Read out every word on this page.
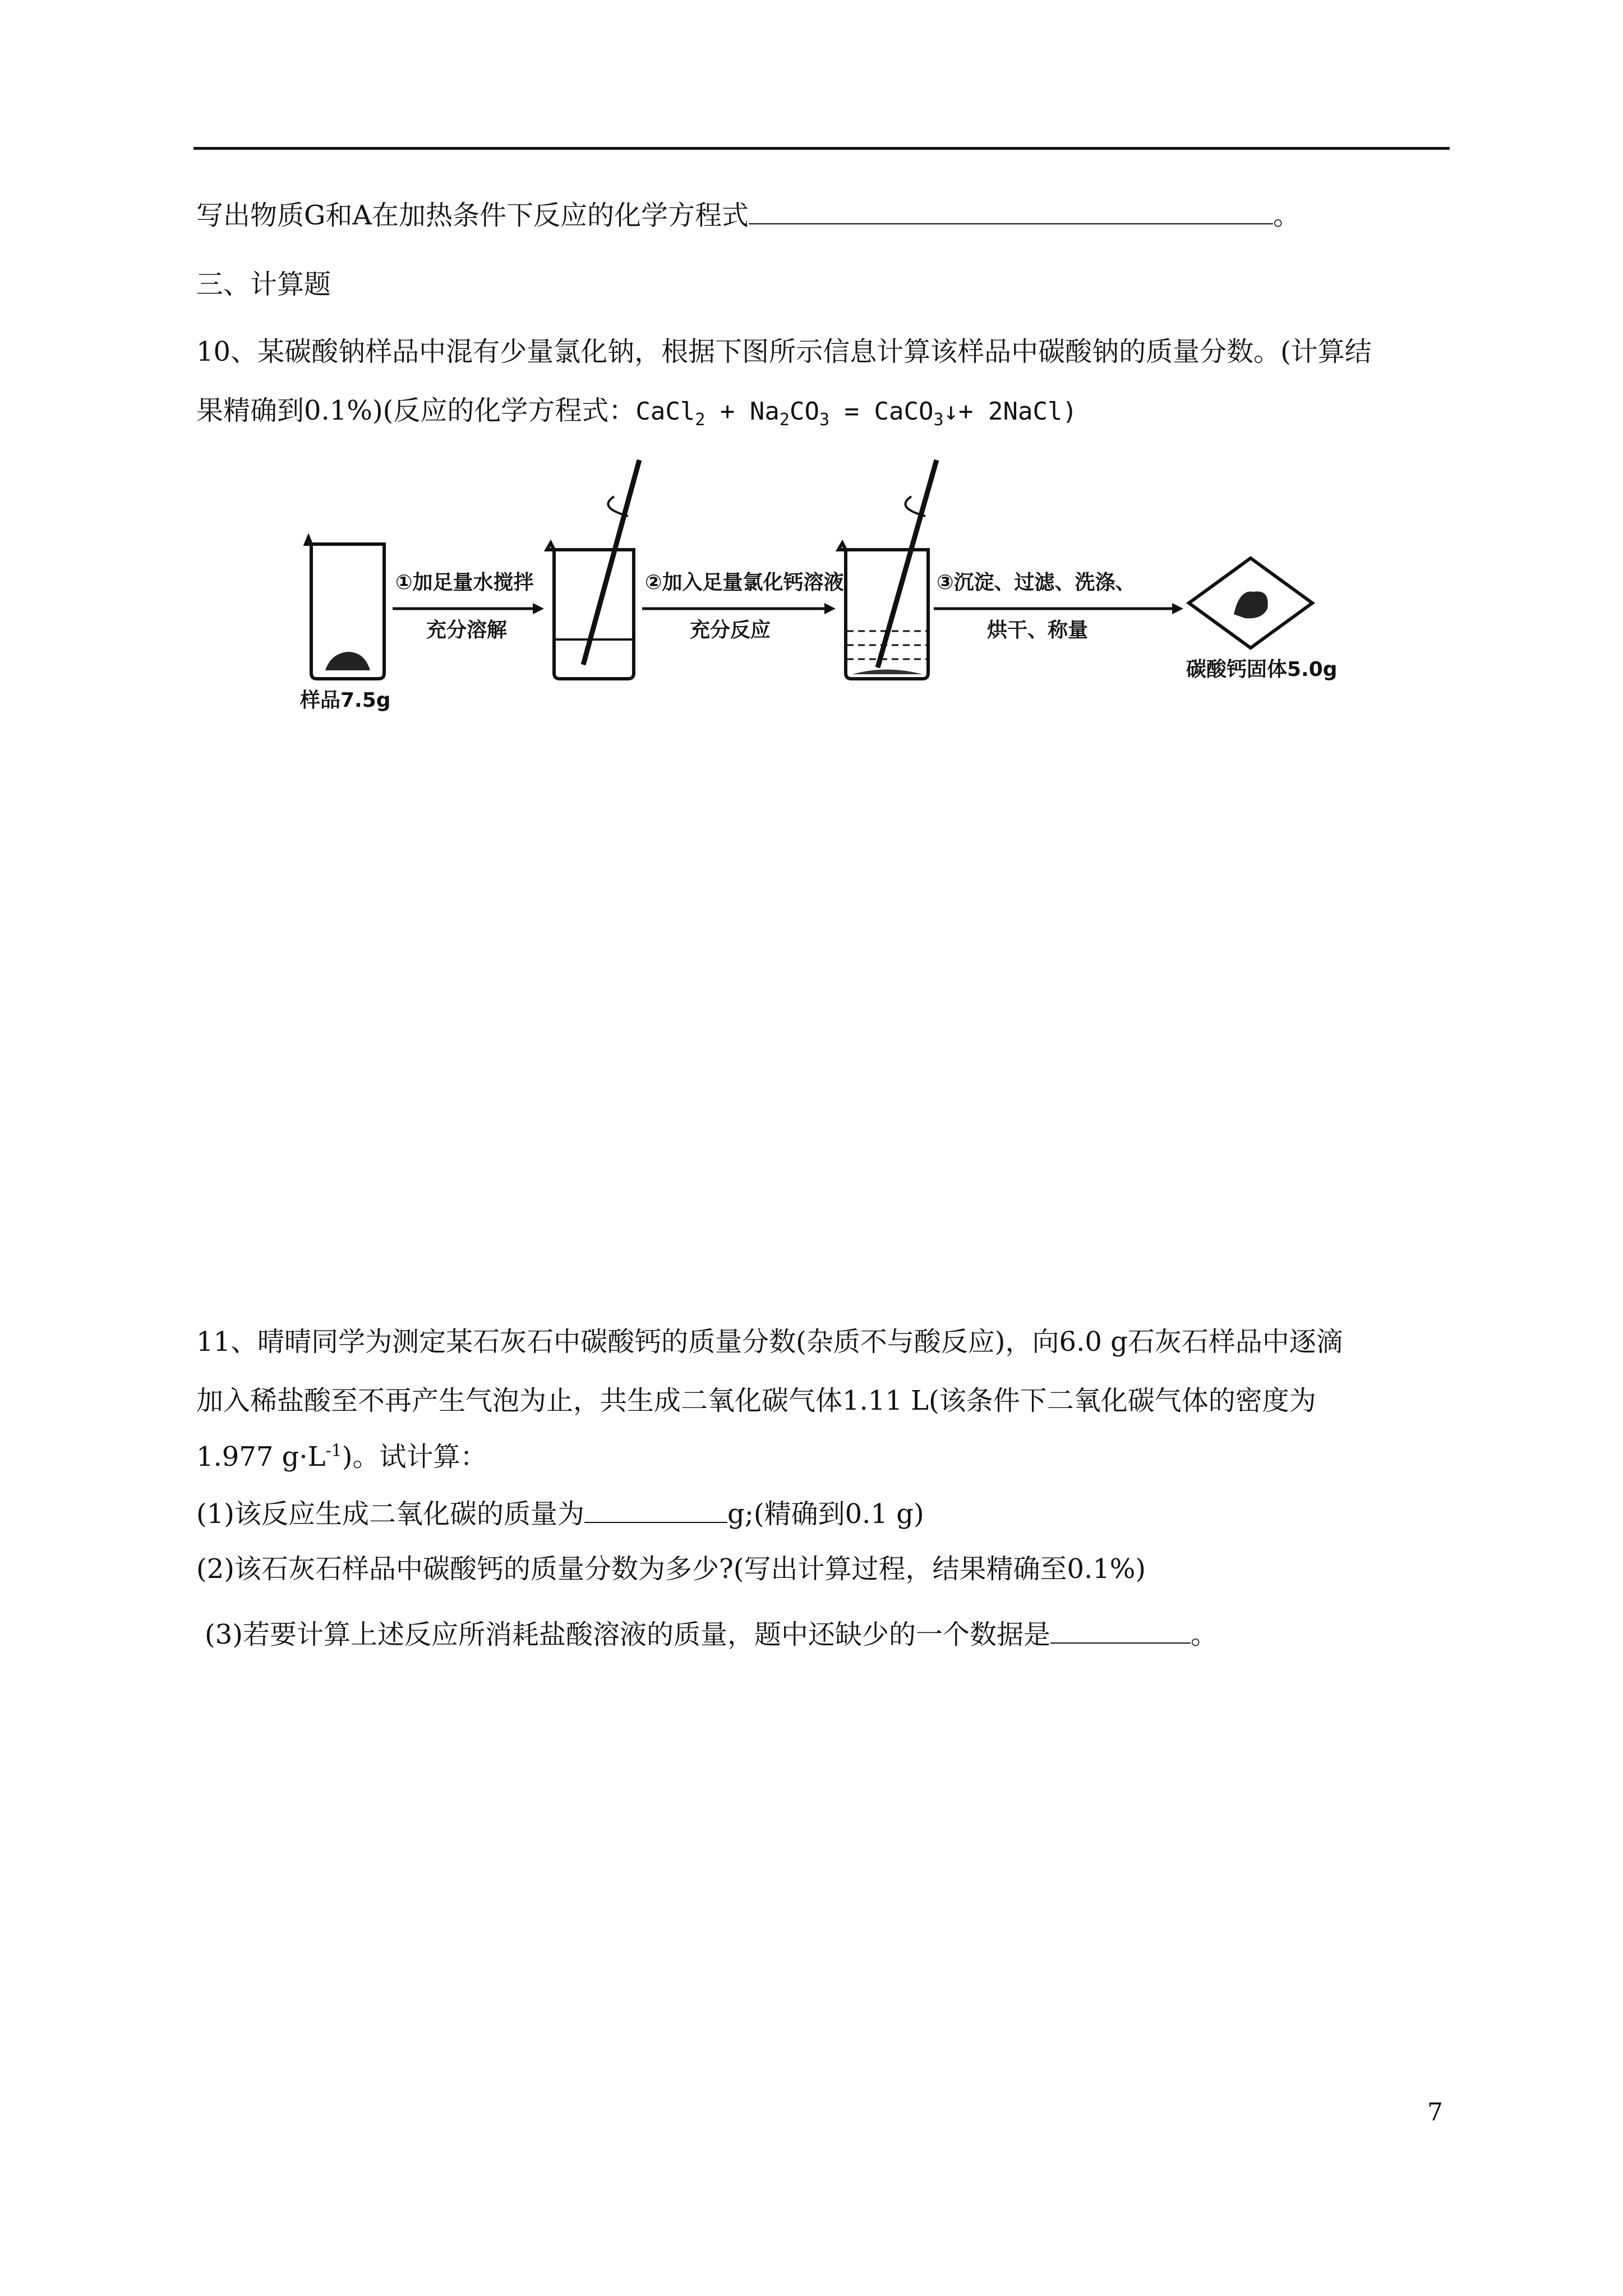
写出物质G和A在加热条件下反应的化学方程式	。
三、计算题
10、某碳酸钠样品中混有少量氯化钠，根据下图所示信息计算该样品中碳酸钠的质量分数。(计算结
果精确到0.1%)(反应的化学方程式：CaCl$_2$ + $Na_2CO_3$ = CaCO$_3$↓+ 2NaCl)
样品7.5g
①加足量水搅拌
充分溶解
②加入足量氯化钙溶液
充分反应
③沉淀、过滤、洗涤、
烘干、称量
碳酸钙固体5.0g
11、晴晴同学为测定某石灰石中碳酸钙的质量分数(杂质不与酸反应)，向6.0 g石灰石样品中逐滴
加入稀盐酸至不再产生气泡为止，共生成二氧化碳气体1.11 L(该条件下二氧化碳气体的密度为
1.977 $g\cdot L^{-1}$)。试计算：
(1)该反应生成二氧化碳的质量为	g;(精确到0.1 g)
(2)该石灰石样品中碳酸钙的质量分数为多少?(写出计算过程，结果精确至0.1%)
(3)若要计算上述反应所消耗盐酸溶液的质量，题中还缺少的一个数据是	。
7
